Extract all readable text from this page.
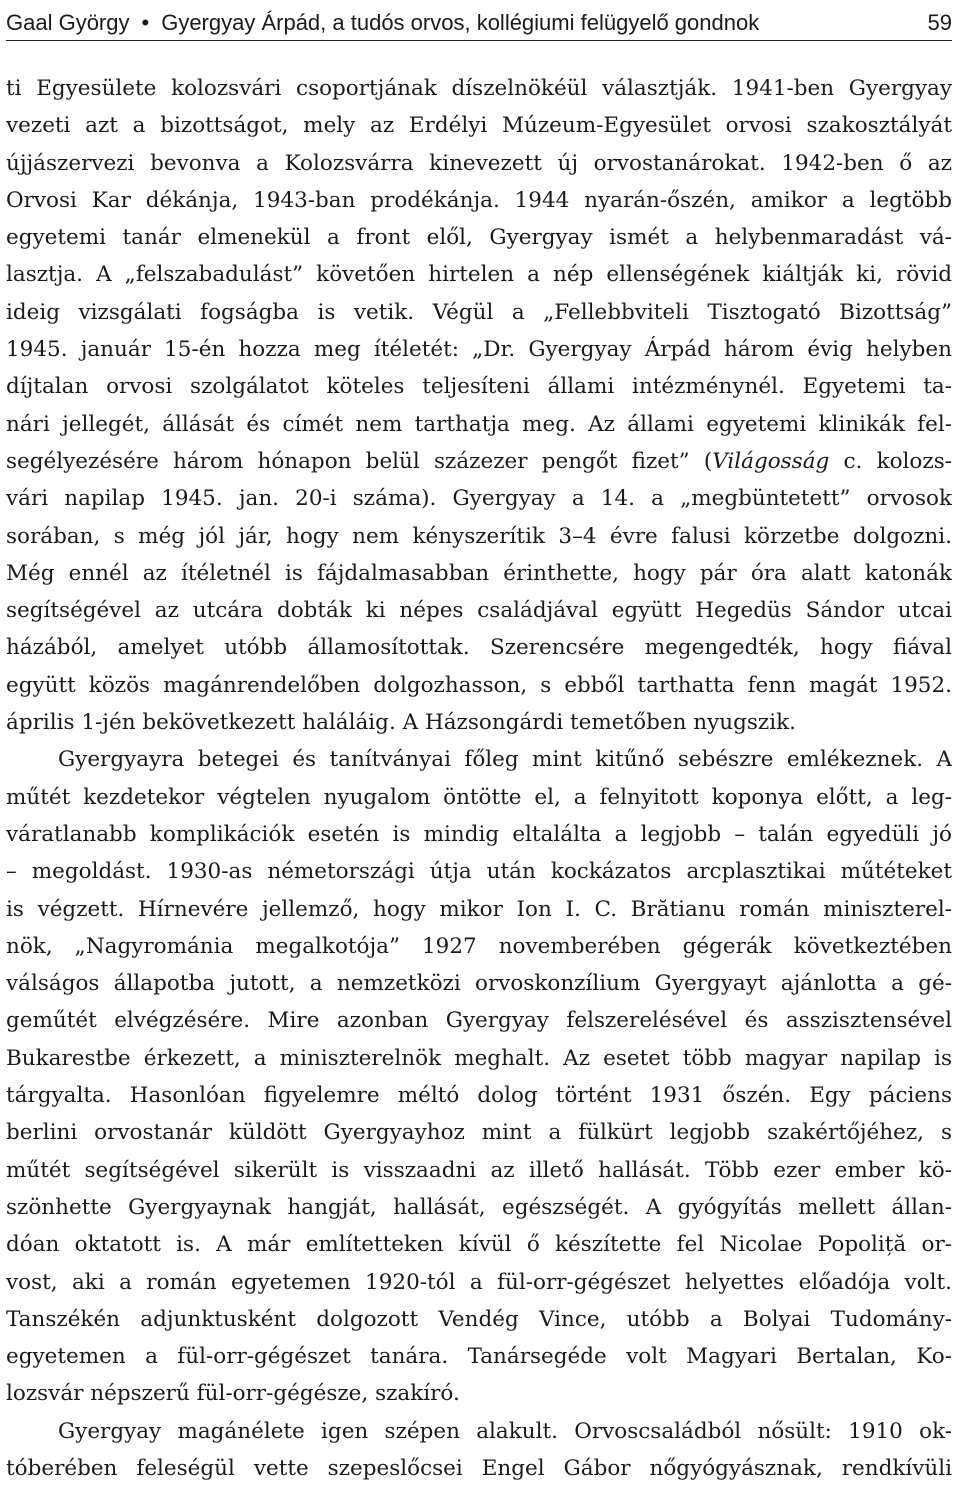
Gaal György • Gyergyay Árpád, a tudós orvos, kollégiumi felügyelő gondnok	59
ti Egyesülete kolozsvári csoportjának díszelnökéül választják. 1941-ben Gyergyay
vezeti azt a bizottságot, mely az Erdélyi Múzeum-Egyesület orvosi szakosztályát
újjászervezi bevonva a Kolozsvárra kinevezett új orvostanárokat. 1942-ben ő az
Orvosi Kar dékánja, 1943-ban prodékánja. 1944 nyarán-őszén, amikor a legtöbb
egyetemi tanár elmenekül a front elől, Gyergyay ismét a helybenmaradást vá-
lasztja. A „felszabadulást” követően hirtelen a nép ellenségének kiáltják ki, rövid
ideig vizsgálati fogságba is vetik. Végül a „Fellebbviteli Tisztogató Bizottság”
1945. január 15-én hozza meg ítéletét: „Dr. Gyergyay Árpád három évig helyben
díjtalan orvosi szolgálatot köteles teljesíteni állami intézménynél. Egyetemi ta-
nári jellegét, állását és címét nem tarthatja meg. Az állami egyetemi klinikák fel-
segélyezésére három hónapon belül százezer pengőt fizet” (Világosság c. kolozs-
vári napilap 1945. jan. 20-i száma). Gyergyay a 14. a „megbüntetett” orvosok
sorában, s még jól jár, hogy nem kényszerítik 3–4 évre falusi körzetbe dolgozni.
Még ennél az ítéletnél is fájdalmasabban érinthette, hogy pár óra alatt katonák
segítségével az utcára dobták ki népes családjával együtt Hegedüs Sándor utcai
házából, amelyet utóbb államosítottak. Szerencsére megengedték, hogy fiával
együtt közös magánrendelőben dolgozhasson, s ebből tarthatta fenn magát 1952.
április 1-jén bekövetkezett haláláig. A Házsongárdi temetőben nyugszik.
Gyergyayra betegei és tanítványai főleg mint kitűnő sebészre emlékeznek. A
műtét kezdetekor végtelen nyugalom öntötte el, a felnyitott koponya előtt, a leg-
váratlanabb komplikációk esetén is mindig eltalálta a legjobb – talán egyedüli jó
– megoldást. 1930-as németországi útja után kockázatos arcplasztikai műtéteket
is végzett. Hírnevére jellemző, hogy mikor Ion I. C. Brătianu román miniszterel-
nök, „Nagyrománia megalkotója” 1927 novemberében gégerák következtében
válságos állapotba jutott, a nemzetközi orvoskonzílium Gyergyayt ajánlotta a gé-
geműtét elvégzésére. Mire azonban Gyergyay felszerelésével és asszisztensével
Bukarestbe érkezett, a miniszterelnök meghalt. Az esetet több magyar napilap is
tárgyalta. Hasonlóan figyelemre méltó dolog történt 1931 őszén. Egy páciens
berlini orvostanár küldött Gyergyayhoz mint a fülkürt legjobb szakértőjéhez, s
műtét segítségével sikerült is visszaadni az illető hallását. Több ezer ember kö-
szönhette Gyergyaynak hangját, hallását, egészségét. A gyógyítás mellett állan-
dóan oktatott is. A már említetteken kívül ő készítette fel Nicolae Popoliță or-
vost, aki a román egyetemen 1920-tól a fül-orr-gégészet helyettes előadója volt.
Tanszékén adjunktusként dolgozott Vendég Vince, utóbb a Bolyai Tudomány-
egyetemen a fül-orr-gégészet tanára. Tanársegéde volt Magyari Bertalan, Ko-
lozsvár népszerű fül-orr-gégésze, szakíró.
Gyergyay magánélete igen szépen alakult. Orvoscsaládból nősült: 1910 ok-
tóberében feleségül vette szepeslőcsei Engel Gábor nőgyógyásznak, rendkívüli
